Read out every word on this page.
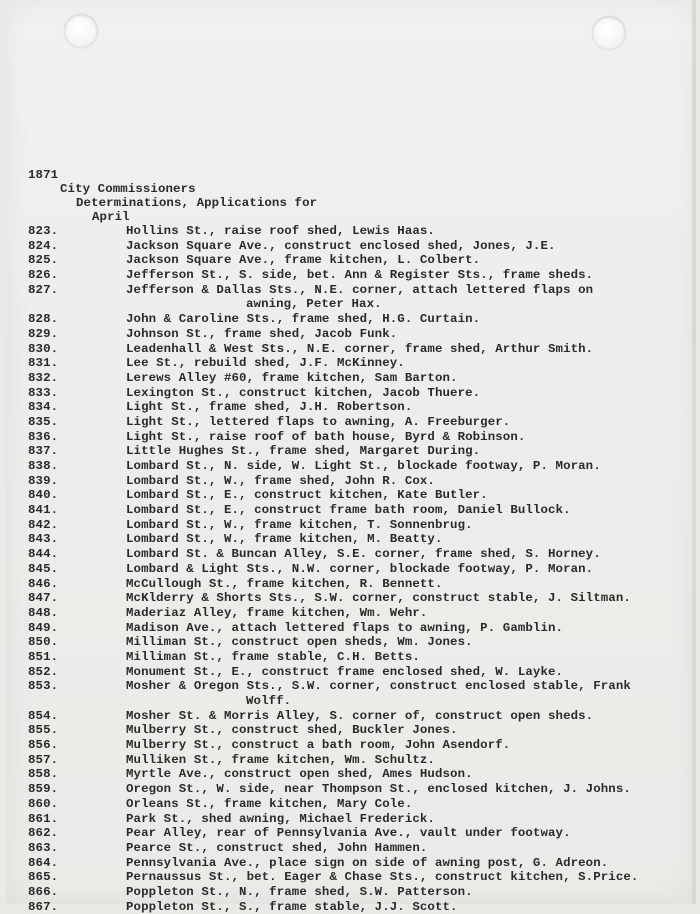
1871
City Commissioners
Determinations, Applications for
April
823.	Hollins St., raise roof shed, Lewis Haas.
824.	Jackson Square Ave., construct enclosed shed, Jones, J.E.
825.	Jackson Square Ave., frame kitchen, L. Colbert.
826.	Jefferson St., S. side, bet. Ann & Register Sts., frame sheds.
827.	Jefferson & Dallas Sts., N.E. corner, attach lettered flaps on
awning, Peter Hax.
828.	John & Caroline Sts., frame shed, H.G. Curtain.
829.	Johnson St., frame shed, Jacob Funk.
830.	Leadenhall & West Sts., N.E. corner, frame shed, Arthur Smith.
831.	Lee St., rebuild shed, J.F. McKinney.
832.	Lerews Alley #60, frame kitchen, Sam Barton.
833.	Lexington St., construct kitchen, Jacob Thuere.
834.	Light St., frame shed, J.H. Robertson.
835.	Light St., lettered flaps to awning, A. Freeburger.
836.	Light St., raise roof of bath house, Byrd & Robinson.
837.	Little Hughes St., frame shed, Margaret During.
838.	Lombard St., N. side, W. Light St., blockade footway, P. Moran.
839.	Lombard St., W., frame shed, John R. Cox.
840.	Lombard St., E., construct kitchen, Kate Butler.
841.	Lombard St., E., construct frame bath room, Daniel Bullock.
842.	Lombard St., W., frame kitchen, T. Sonnenbrug.
843.	Lombard St., W., frame kitchen, M. Beatty.
844.	Lombard St. & Buncan Alley, S.E. corner, frame shed, S. Horney.
845.	Lombard & Light Sts., N.W. corner, blockade footway, P. Moran.
846.	McCullough St., frame kitchen, R. Bennett.
847.	McKlderry & Shorts Sts., S.W. corner, construct stable, J. Siltman.
848.	Maderiaz Alley, frame kitchen, Wm. Wehr.
849.	Madison Ave., attach lettered flaps to awning, P. Gamblin.
850.	Milliman St., construct open sheds, Wm. Jones.
851.	Milliman St., frame stable, C.H. Betts.
852.	Monument St., E., construct frame enclosed shed, W. Layke.
853.	Mosher & Oregon Sts., S.W. corner, construct enclosed stable, Frank
Wolff.
854.	Mosher St. & Morris Alley, S. corner of, construct open sheds.
855.	Mulberry St., construct shed, Buckler Jones.
856.	Mulberry St., construct a bath room, John Asendorf.
857.	Mulliken St., frame kitchen, Wm. Schultz.
858.	Myrtle Ave., construct open shed, Ames Hudson.
859.	Oregon St., W. side, near Thompson St., enclosed kitchen, J. Johns.
860.	Orleans St., frame kitchen, Mary Cole.
861.	Park St., shed awning, Michael Frederick.
862.	Pear Alley, rear of Pennsylvania Ave., vault under footway.
863.	Pearce St., construct shed, John Hammen.
864.	Pennsylvania Ave., place sign on side of awning post, G. Adreon.
865.	Pernaussus St., bet. Eager & Chase Sts., construct kitchen, S.Price.
866.	Poppleton St., N., frame shed, S.W. Patterson.
867.	Poppleton St., S., frame stable, J.J. Scott.
